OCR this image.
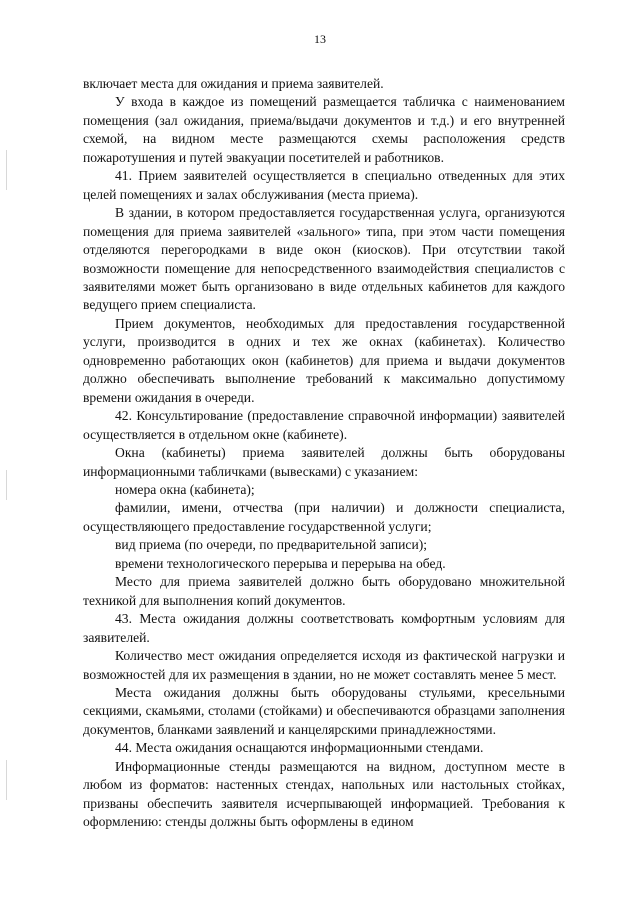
13

включает места для ожидания и приема заявителей.

У входа в каждое из помещений размещается табличка с наименованием помещения (зал ожидания, приема/выдачи документов и т.д.) и его внутренней схемой, на видном месте размещаются схемы расположения средств пожаротушения и путей эвакуации посетителей и работников.

41. Прием заявителей осуществляется в специально отведенных для этих целей помещениях и залах обслуживания (места приема).

В здании, в котором предоставляется государственная услуга, организуются помещения для приема заявителей «зального» типа, при этом части помещения отделяются перегородками в виде окон (киосков). При отсутствии такой возможности помещение для непосредственного взаимодействия специалистов с заявителями может быть организовано в виде отдельных кабинетов для каждого ведущего прием специалиста.

Прием документов, необходимых для предоставления государственной услуги, производится в одних и тех же окнах (кабинетах). Количество одновременно работающих окон (кабинетов) для приема и выдачи документов должно обеспечивать выполнение требований к максимально допустимому времени ожидания в очереди.

42. Консультирование (предоставление справочной информации) заявителей осуществляется в отдельном окне (кабинете).

Окна (кабинеты) приема заявителей должны быть оборудованы информационными табличками (вывесками) с указанием:

номера окна (кабинета);

фамилии, имени, отчества (при наличии) и должности специалиста, осуществляющего предоставление государственной услуги;

вид приема (по очереди, по предварительной записи);

времени технологического перерыва и перерыва на обед.

Место для приема заявителей должно быть оборудовано множительной техникой для выполнения копий документов.

43. Места ожидания должны соответствовать комфортным условиям для заявителей.

Количество мест ожидания определяется исходя из фактической нагрузки и возможностей для их размещения в здании, но не может составлять менее 5 мест.

Места ожидания должны быть оборудованы стульями, кресельными секциями, скамьями, столами (стойками) и обеспечиваются образцами заполнения документов, бланками заявлений и канцелярскими принадлежностями.

44. Места ожидания оснащаются информационными стендами.

Информационные стенды размещаются на видном, доступном месте в любом из форматов: настенных стендах, напольных или настольных стойках, призваны обеспечить заявителя исчерпывающей информацией. Требования к оформлению: стенды должны быть оформлены в едином
